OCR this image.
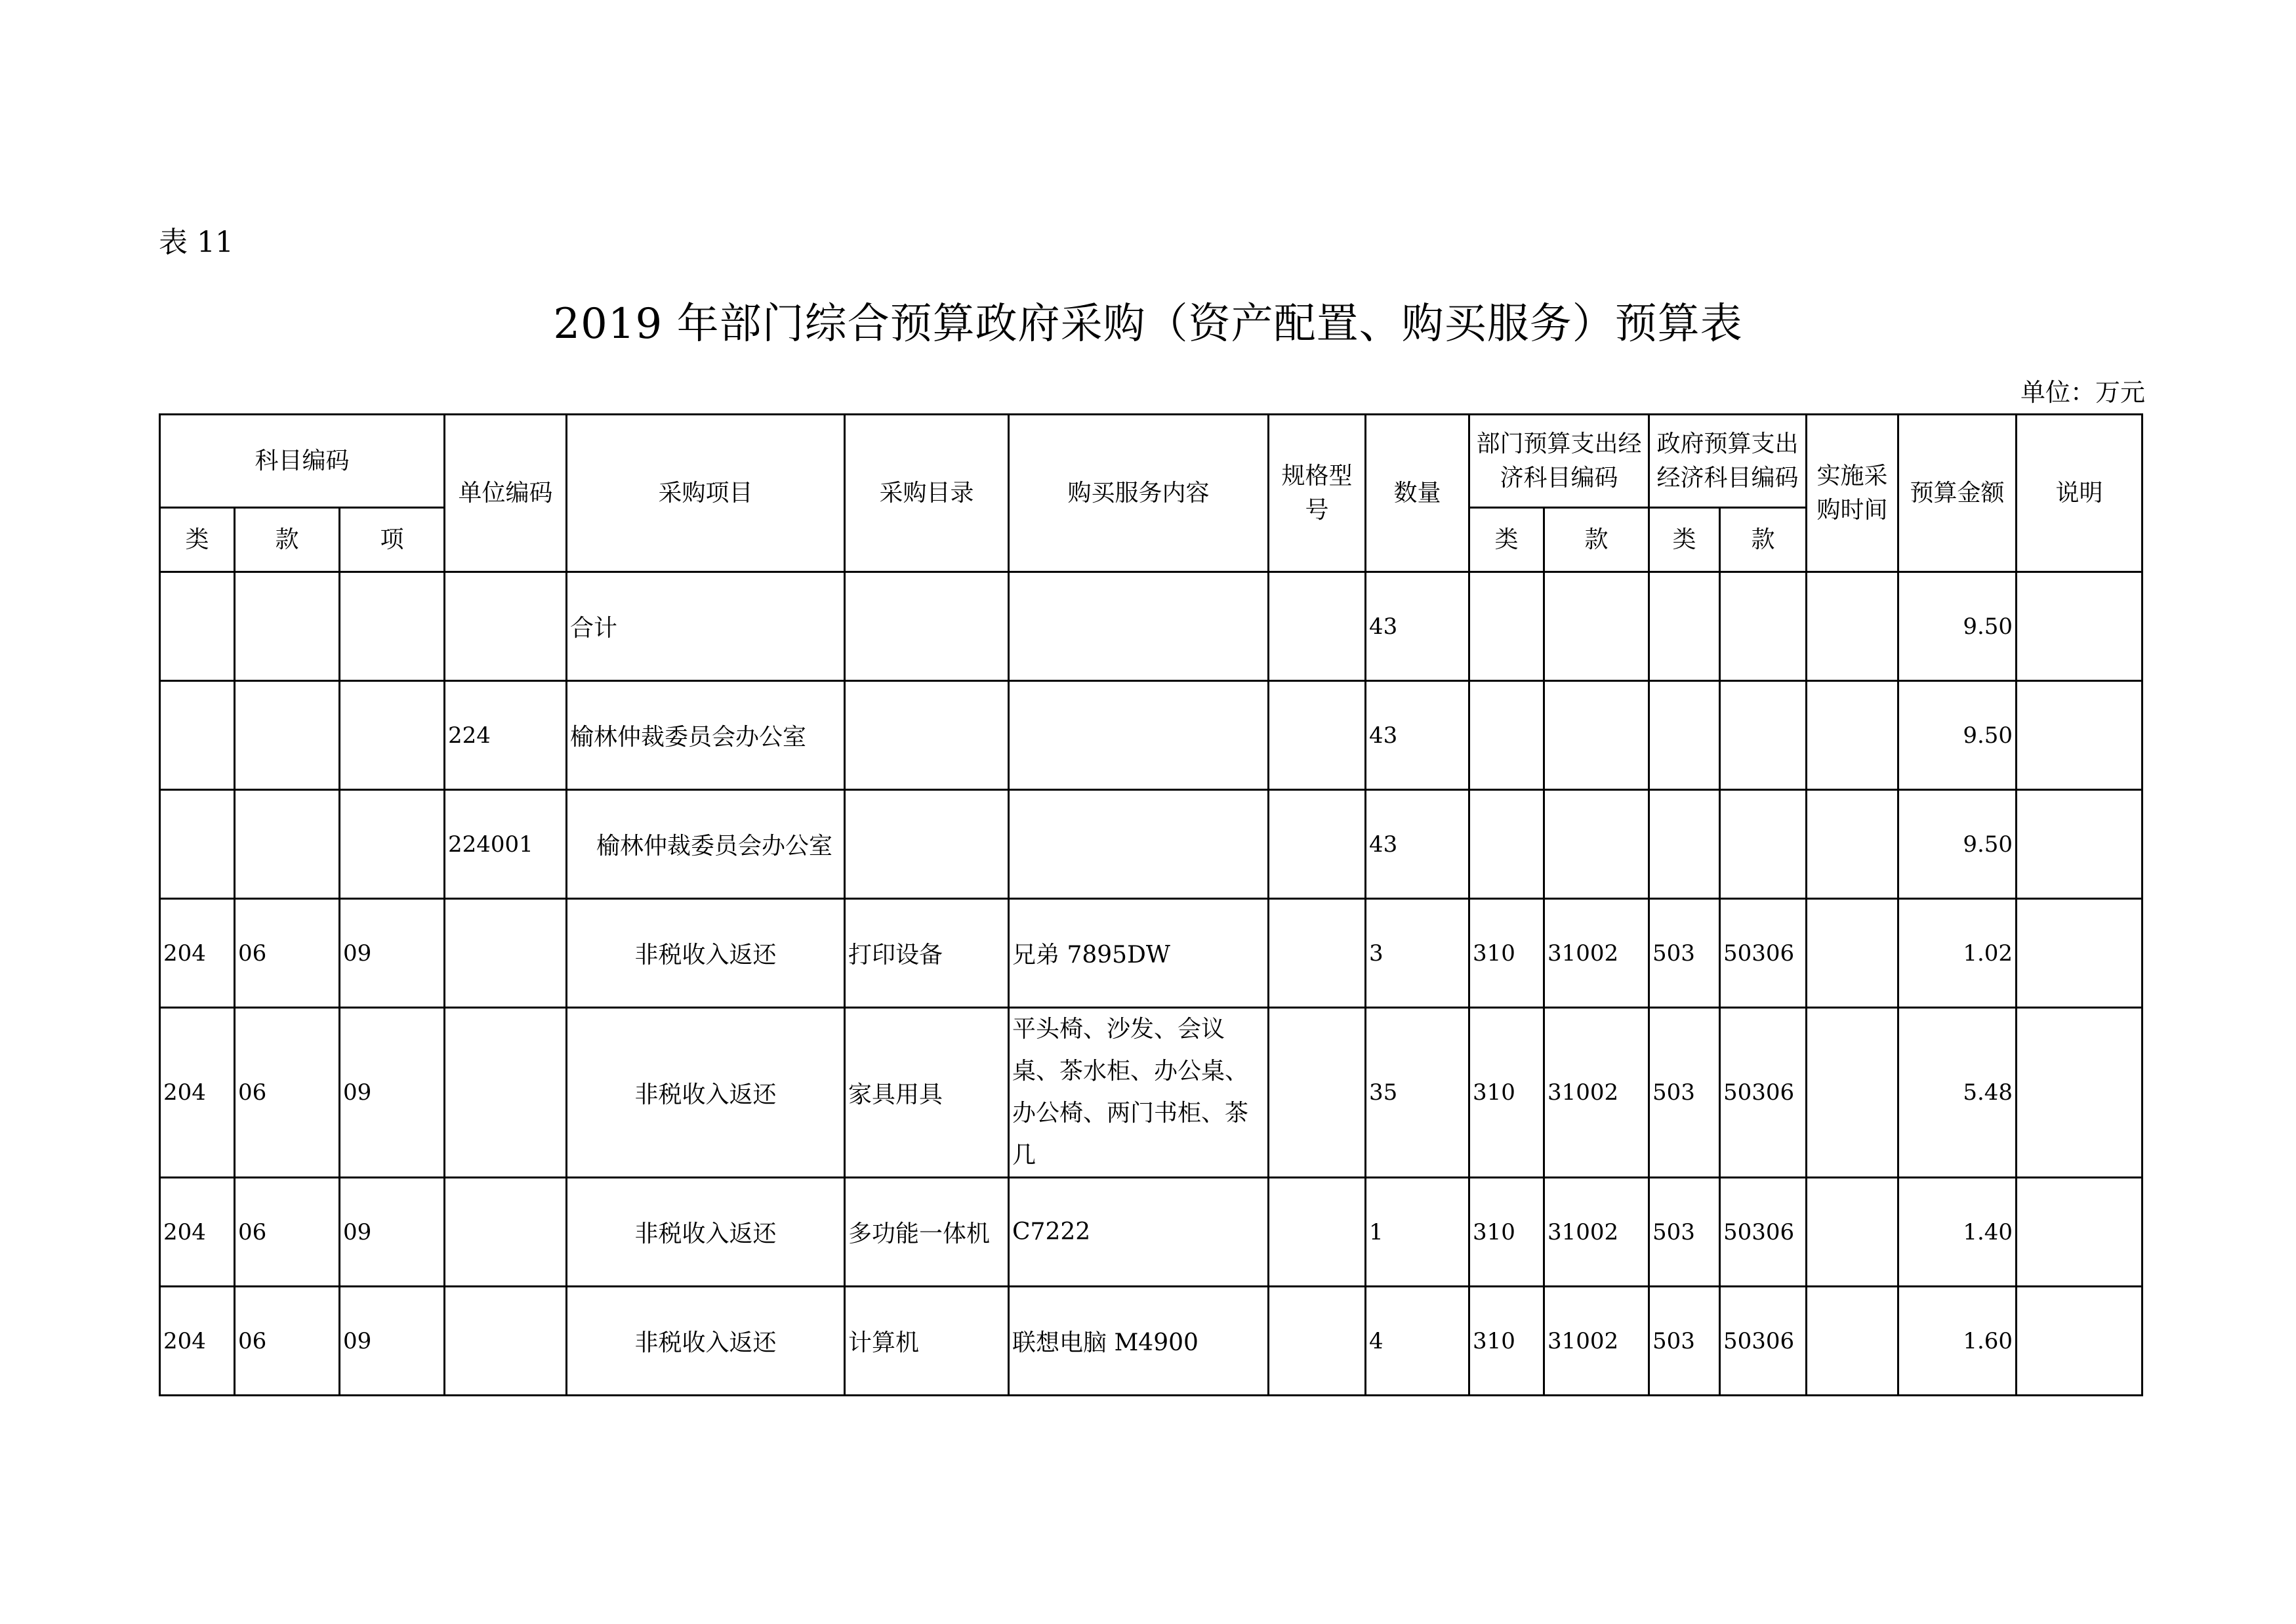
表 11
2019 年部门综合预算政府采购（资产配置、购买服务）预算表
单位：万元
科目编码			单位编码	采购项目	采购目录	购买服务内容	规格型号	数量	部门预算支出经济科目编码		政府预算支出经济科目编码		实施采购时间	预算金额	说明
类	款	项							类	款	类	款			
				合计				43						9.50	
			224	榆林仲裁委员会办公室				43						9.50	
			224001	榆林仲裁委员会办公室				43						9.50	
204	06	09		非税收入返还	打印设备	兄弟 7895DW		3	310	31002	503	50306		1.02	
204	06	09		非税收入返还	家具用具	平头椅、沙发、会议桌、茶水柜、办公桌、办公椅、两门书柜、茶几		35	310	31002	503	50306		5.48	
204	06	09		非税收入返还	多功能一体机	C7222		1	310	31002	503	50306		1.40	
204	06	09		非税收入返还	计算机	联想电脑 M4900		4	310	31002	503	50306		1.60	
